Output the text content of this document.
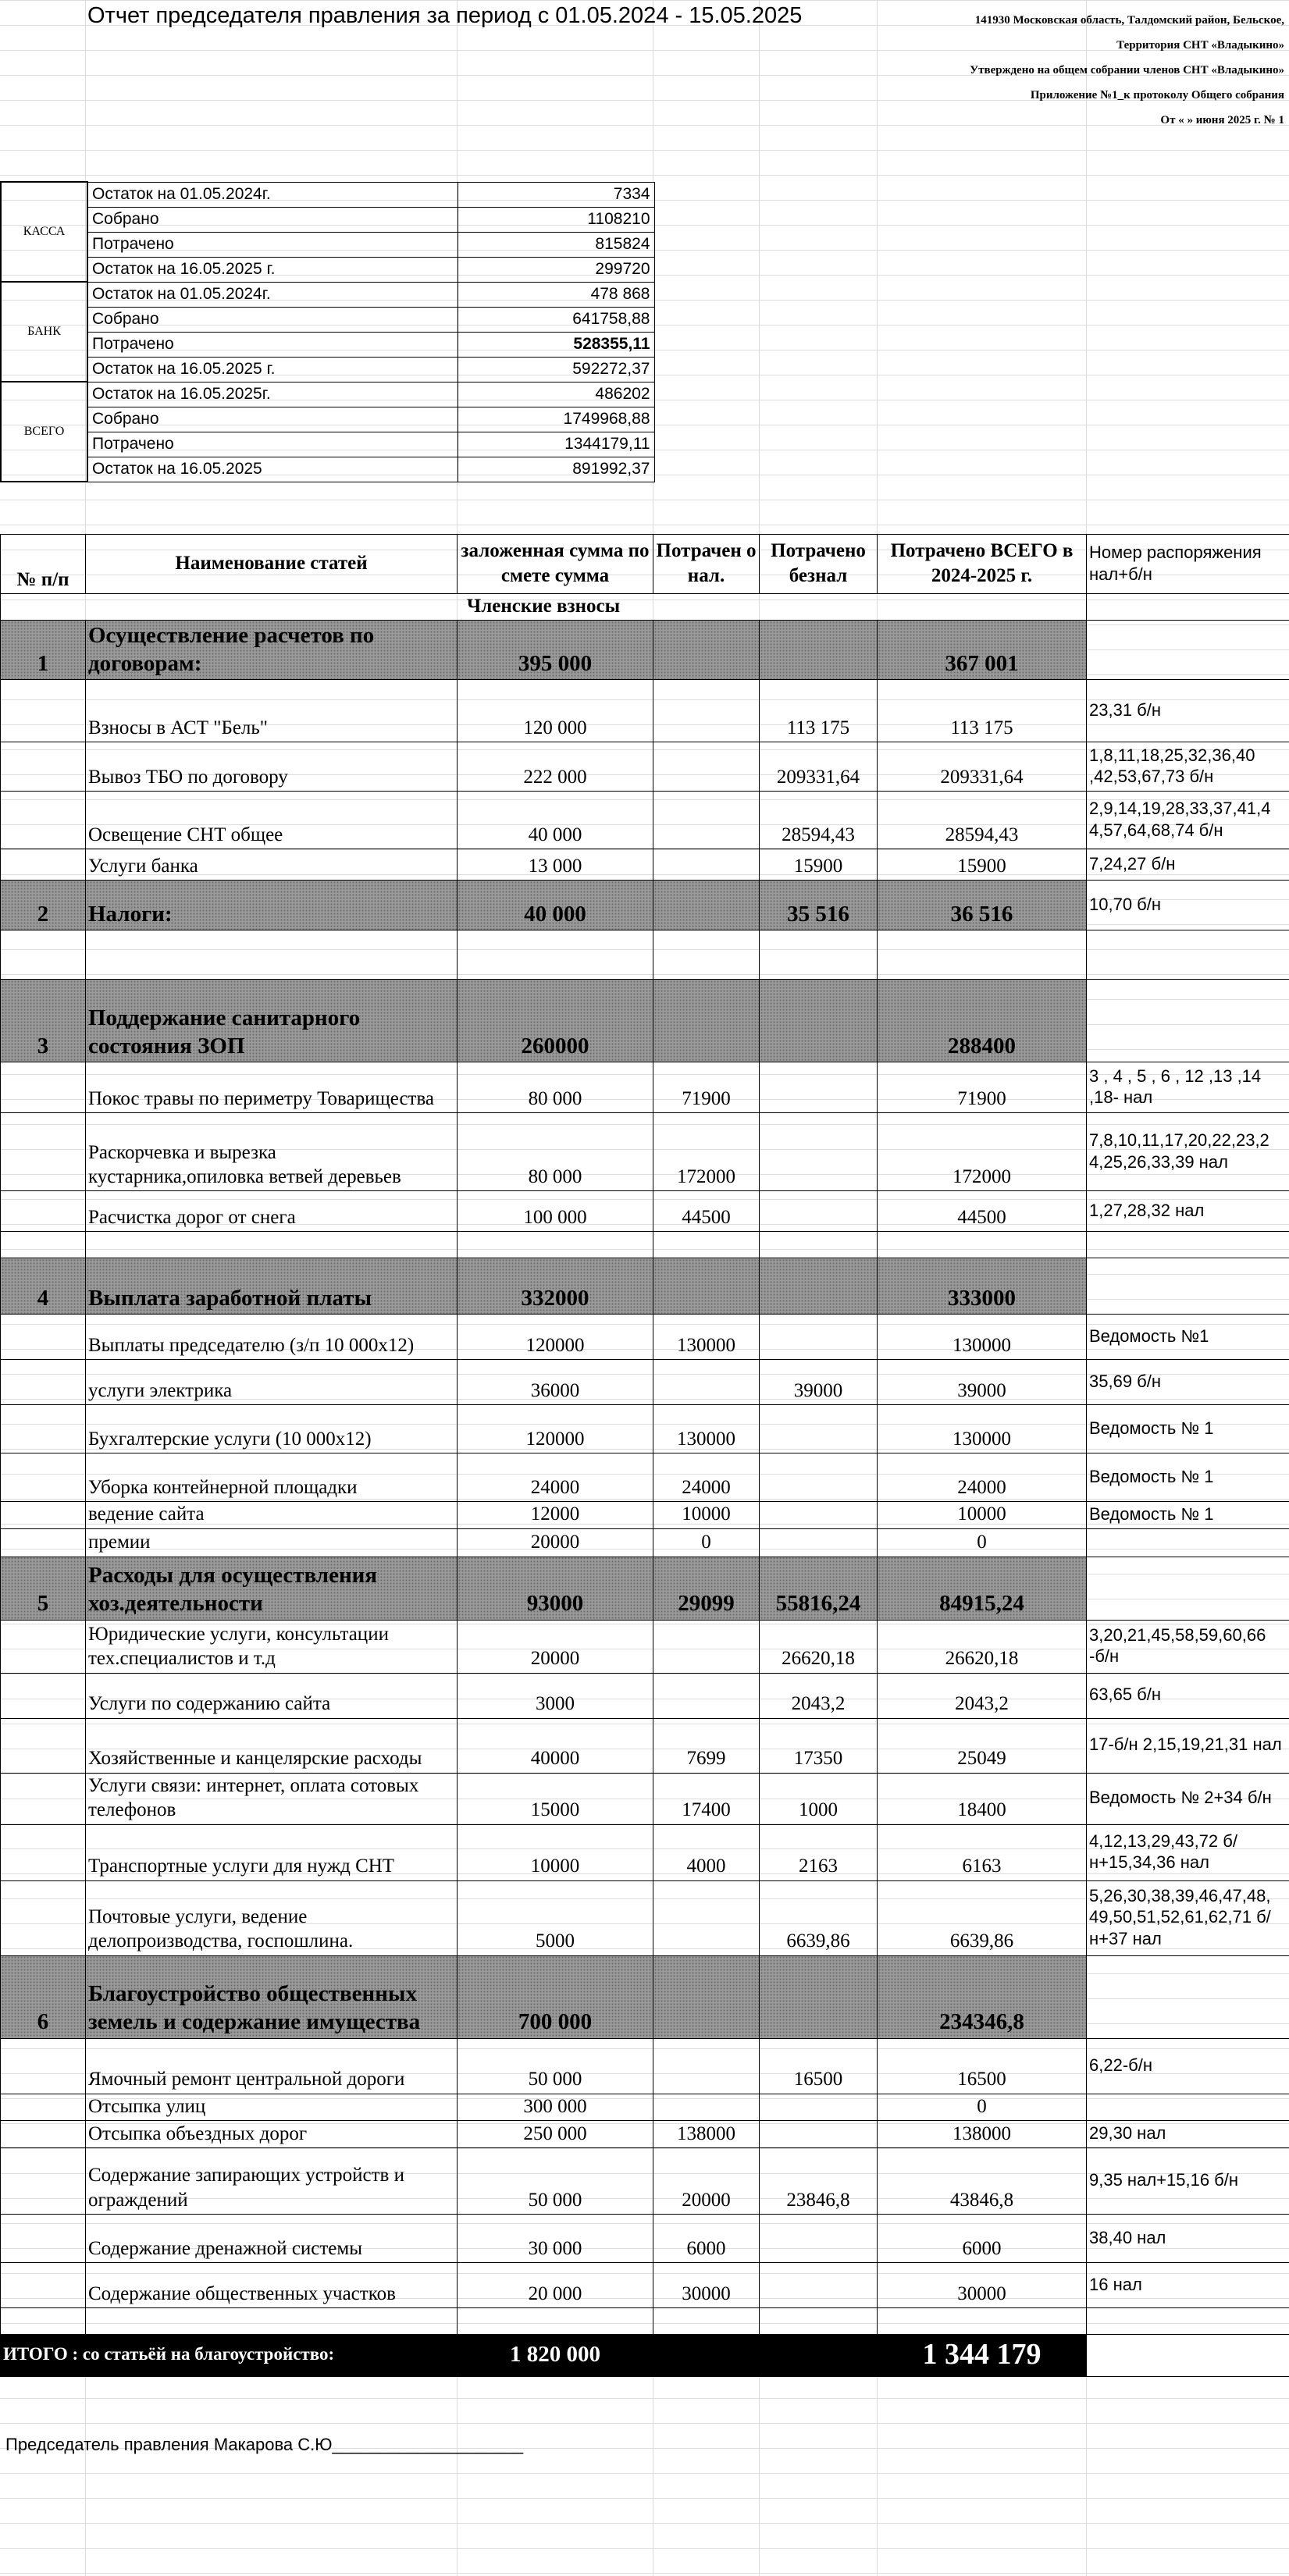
Отчет председателя правления за период с 01.05.2024 - 15.05.2025	141930 Московская область, Талдомский район, Бельское,
Территория СНТ «Владыкино»
Утверждено на общем собрании членов СНТ «Владыкино»
Приложение №1_к протоколу Общего собрания
От « » июня 2025 г. № 1
КАССА	Остаток на 01.05.2024г.	7334
	Собрано	1108210
	Потрачено	815824
	Остаток на 16.05.2025 г.	299720
БАНК	Остаток на 01.05.2024г.	478 868
	Собрано	641758,88
	Потрачено	528355,11
	Остаток на 16.05.2025 г.	592272,37
ВСЕГО	Остаток на 16.05.2025г.	486202
	Собрано	1749968,88
	Потрачено	1344179,11
	Остаток на 16.05.2025	891992,37
№ п/п	Наименование статей	заложенная сумма по смете сумма	Потрачен о нал.	Потрачено безнал	Потрачено ВСЕГО в 2024-2025 г.	Номер распоряжения нал+б/н
Членские взносы						
1	Осуществление расчетов по договорам:	395 000			367 001	
	Взносы в АСТ "Бель"	120 000		113 175	113 175	23,31 б/н
	Вывоз ТБО по договору	222 000		209331,64	209331,64	1,8,11,18,25,32,36,40 ,42,53,67,73 б/н
	Освещение СНТ общее	40 000		28594,43	28594,43	2,9,14,19,28,33,37,41,4 4,57,64,68,74 б/н
	Услуги банка	13 000		15900	15900	7,24,27 б/н
2	Налоги:	40 000		35 516	36 516	10,70 б/н

3	Поддержание санитарного состояния ЗОП	260000			288400	
	Покос травы по периметру Товарищества	80 000	71900		71900	3 , 4 , 5 , 6 , 12 ,13 ,14 ,18- нал
	Раскорчевка и вырезка кустарника,опиловка ветвей деревьев	80 000	172000		172000	7,8,10,11,17,20,22,23,2 4,25,26,33,39 нал
	Расчистка дорог от снега	100 000	44500		44500	1,27,28,32 нал

4	Выплата заработной платы	332000			333000	
	Выплаты председателю (з/п 10 000х12)	120000	130000		130000	Ведомость №1
	услуги электрика	36000		39000	39000	35,69 б/н
	Бухгалтерские услуги (10 000х12)	120000	130000		130000	Ведомость № 1
	Уборка контейнерной площадки	24000	24000		24000	Ведомость № 1
	ведение сайта	12000	10000		10000	Ведомость № 1
	премии	20000	0		0	
5	Расходы для осуществления хоз.деятельности	93000	29099	55816,24	84915,24	
	Юридические услуги, консультации тех.специалистов и т.д	20000		26620,18	26620,18	3,20,21,45,58,59,60,66 -б/н
	Услуги по содержанию сайта	3000		2043,2	2043,2	63,65 б/н
	Хозяйственные и канцелярские расходы	40000	7699	17350	25049	17-б/н 2,15,19,21,31 нал
	Услуги связи: интернет, оплата сотовых телефонов	15000	17400	1000	18400	Ведомость № 2+34 б/н
	Транспортные услуги для нужд СНТ	10000	4000	2163	6163	4,12,13,29,43,72 б/н+15,34,36 нал
	Почтовые услуги, ведение делопроизводства, госпошлина.	5000		6639,86	6639,86	5,26,30,38,39,46,47,48, 49,50,51,52,61,62,71 б/н+37 нал
6	Благоустройство общественных земель и содержание имущества	700 000			234346,8	
	Ямочный ремонт центральной дороги	50 000		16500	16500	6,22-б/н
	Отсыпка улиц	300 000			0	
	Отсыпка объездных дорог	250 000	138000		138000	29,30 нал
	Содержание запирающих устройств и ограждений	50 000	20000	23846,8	43846,8	9,35 нал+15,16 б/н
	Содержание дренажной системы	30 000	6000		6000	38,40 нал
	Содержание общественных участков	20 000	30000		30000	16 нал

ИТОГО : со статьёй на благоустройство:		1 820 000			1 344 179	
Председатель правления Макарова С.Ю____________________
